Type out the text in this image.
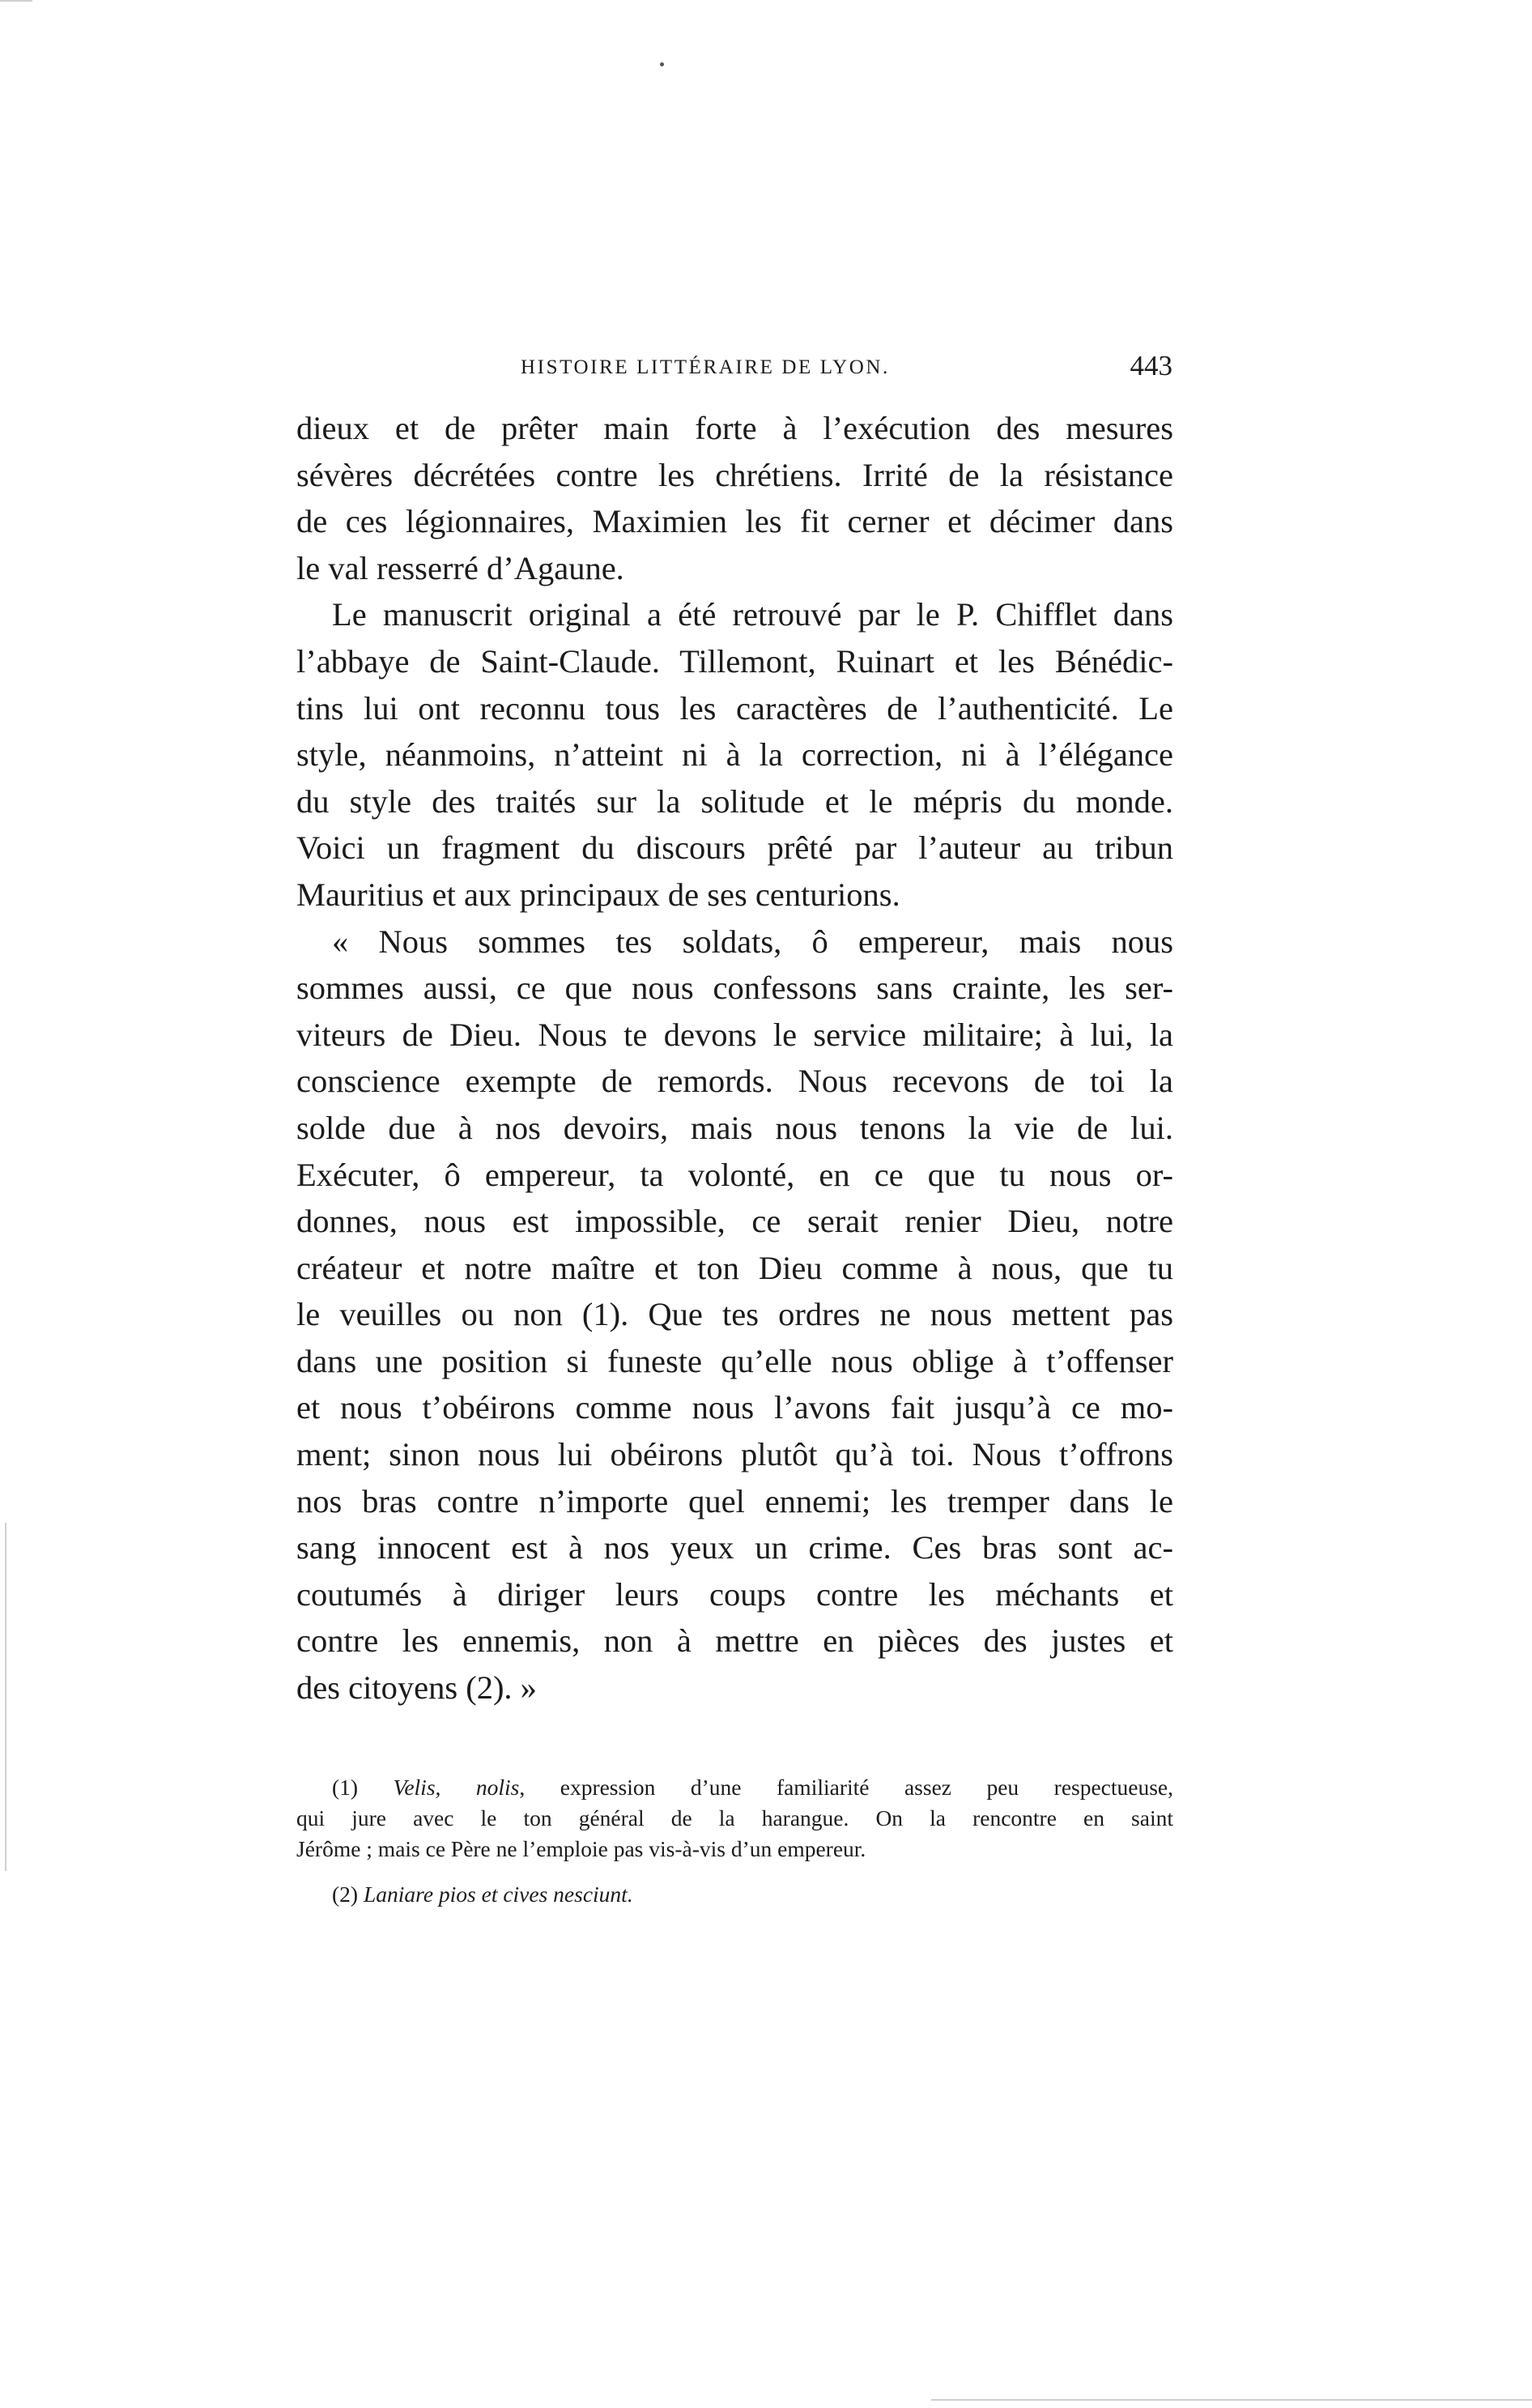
HISTOIRE LITTÉRAIRE DE LYON.	443

dieux et de prêter main forte à l’exécution des mesures
sévères décrétées contre les chrétiens. Irrité de la résistance
de ces légionnaires, Maximien les fit cerner et décimer dans
le val resserré d’Agaune.

Le manuscrit original a été retrouvé par le P. Chifflet dans
l’abbaye de Saint-Claude. Tillemont, Ruinart et les Bénédic-
tins lui ont reconnu tous les caractères de l’authenticité. Le
style, néanmoins, n’atteint ni à la correction, ni à l’élégance
du style des traités sur la solitude et le mépris du monde.
Voici un fragment du discours prêté par l’auteur au tribun
Mauritius et aux principaux de ses centurions.

« Nous sommes tes soldats, ô empereur, mais nous
sommes aussi, ce que nous confessons sans crainte, les ser-
viteurs de Dieu. Nous te devons le service militaire; à lui, la
conscience exempte de remords. Nous recevons de toi la
solde due à nos devoirs, mais nous tenons la vie de lui.
Exécuter, ô empereur, ta volonté, en ce que tu nous or-
donnes, nous est impossible, ce serait renier Dieu, notre
créateur et notre maître et ton Dieu comme à nous, que tu
le veuilles ou non (1). Que tes ordres ne nous mettent pas
dans une position si funeste qu’elle nous oblige à t’offenser
et nous t’obéirons comme nous l’avons fait jusqu’à ce mo-
ment; sinon nous lui obéirons plutôt qu’à toi. Nous t’offrons
nos bras contre n’importe quel ennemi; les tremper dans le
sang innocent est à nos yeux un crime. Ces bras sont ac-
coutumés à diriger leurs coups contre les méchants et
contre les ennemis, non à mettre en pièces des justes et
des citoyens (2). »

(1) Velis, nolis, expression d’une familiarité assez peu respectueuse,
qui jure avec le ton général de la harangue. On la rencontre en saint
Jérôme ; mais ce Père ne l’emploie pas vis-à-vis d’un empereur.

(2) Laniare pios et cives nesciunt.
